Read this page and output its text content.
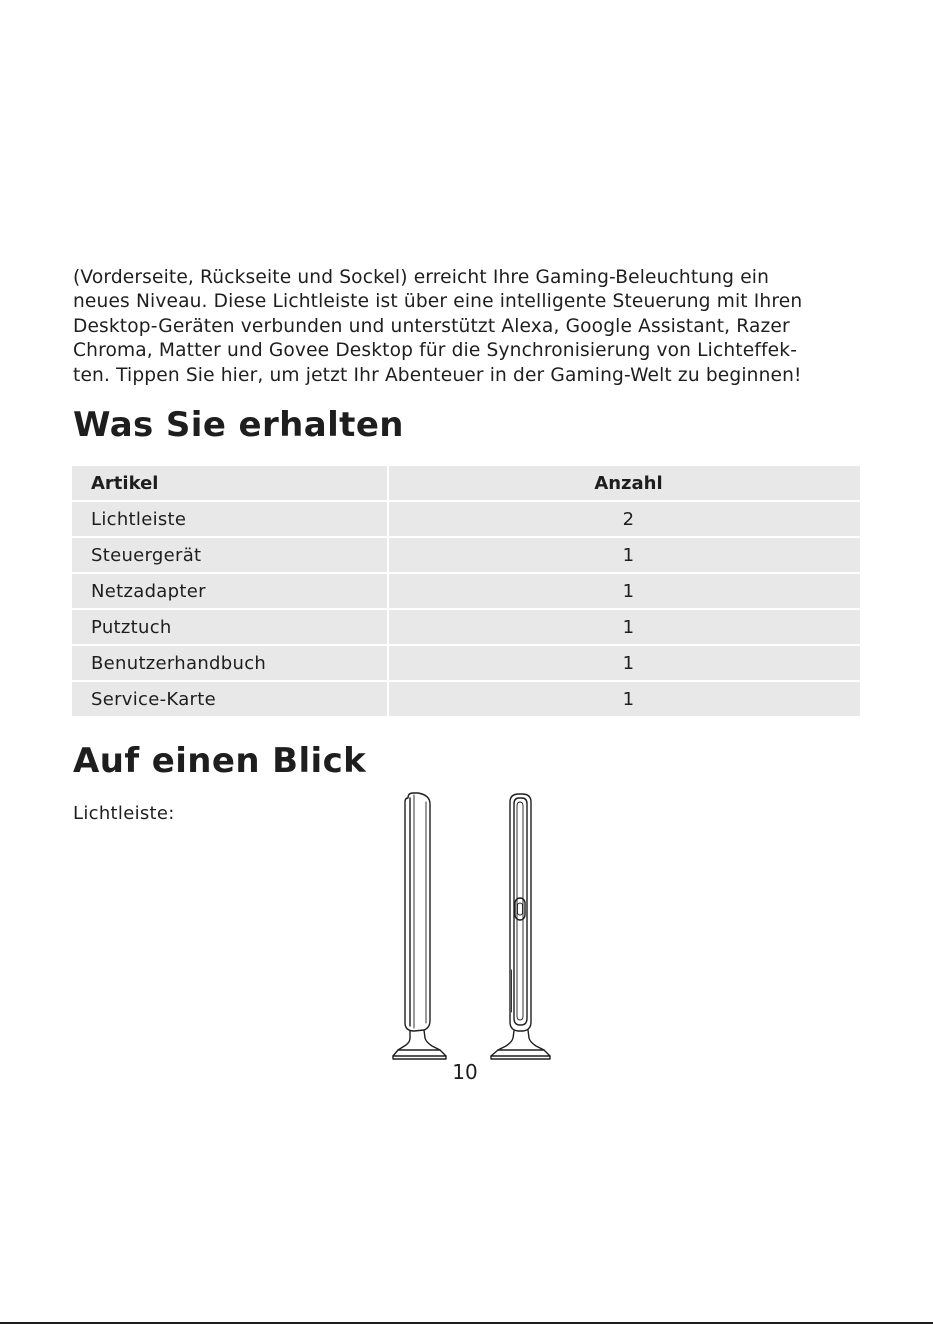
(Vorderseite, Rückseite und Sockel) erreicht Ihre Gaming-Beleuchtung ein
neues Niveau. Diese Lichtleiste ist über eine intelligente Steuerung mit Ihren
Desktop-Geräten verbunden und unterstützt Alexa, Google Assistant, Razer
Chroma, Matter und Govee Desktop für die Synchronisierung von Lichteffek-
ten. Tippen Sie hier, um jetzt Ihr Abenteuer in der Gaming-Welt zu beginnen!

Was Sie erhalten
Artikel	Anzahl
Lichtleiste	2
Steuergerät	1
Netzadapter	1
Putztuch	1
Benutzerhandbuch	1
Service-Karte	1
Auf einen Blick

Lichtleiste:

10
